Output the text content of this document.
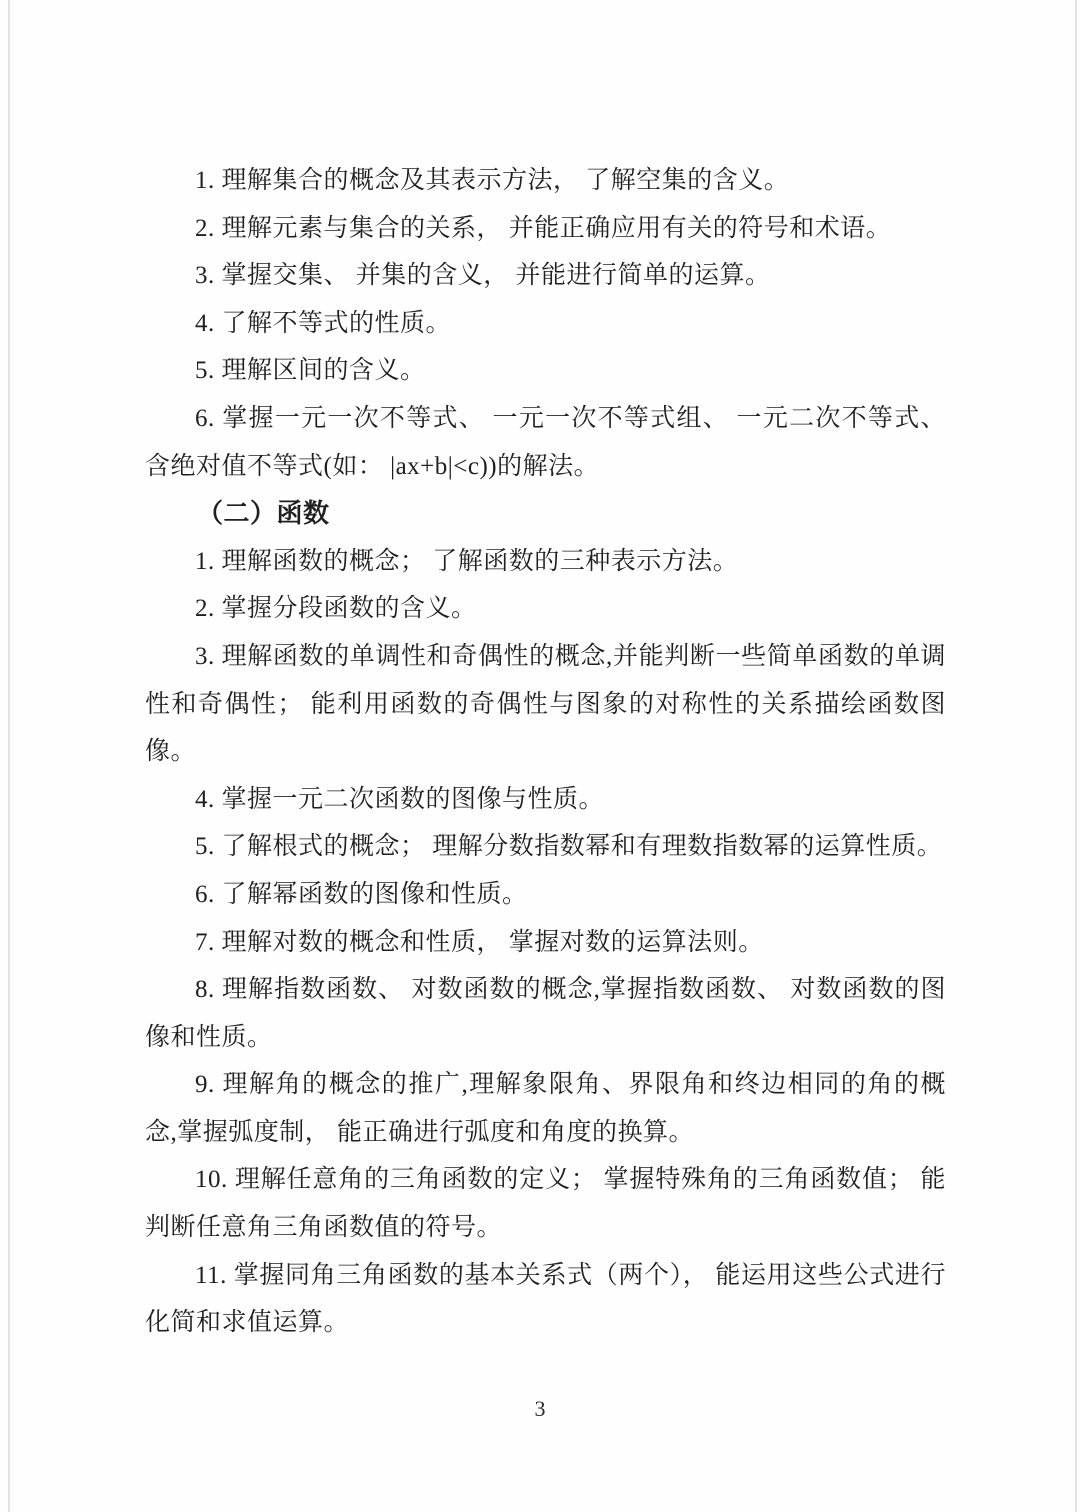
1. 理解集合的概念及其表示方法， 了解空集的含义。

2. 理解元素与集合的关系， 并能正确应用有关的符号和术语。

3. 掌握交集、 并集的含义， 并能进行简单的运算。

4. 了解不等式的性质。

5. 理解区间的含义。

6. 掌握一元一次不等式、 一元一次不等式组、 一元二次不等式、 含绝对值不等式(如： |ax+b|<c))的解法。

（二）函数

1. 理解函数的概念； 了解函数的三种表示方法。

2. 掌握分段函数的含义。

3. 理解函数的单调性和奇偶性的概念,并能判断一些简单函数的单调性和奇偶性； 能利用函数的奇偶性与图象的对称性的关系描绘函数图像。

4. 掌握一元二次函数的图像与性质。

5. 了解根式的概念； 理解分数指数幂和有理数指数幂的运算性质。

6. 了解幂函数的图像和性质。

7. 理解对数的概念和性质， 掌握对数的运算法则。

8. 理解指数函数、 对数函数的概念,掌握指数函数、 对数函数的图像和性质。

9. 理解角的概念的推广,理解象限角、界限角和终边相同的角的概念,掌握弧度制， 能正确进行弧度和角度的换算。

10. 理解任意角的三角函数的定义； 掌握特殊角的三角函数值； 能判断任意角三角函数值的符号。

11. 掌握同角三角函数的基本关系式（两个）， 能运用这些公式进行化简和求值运算。

3
